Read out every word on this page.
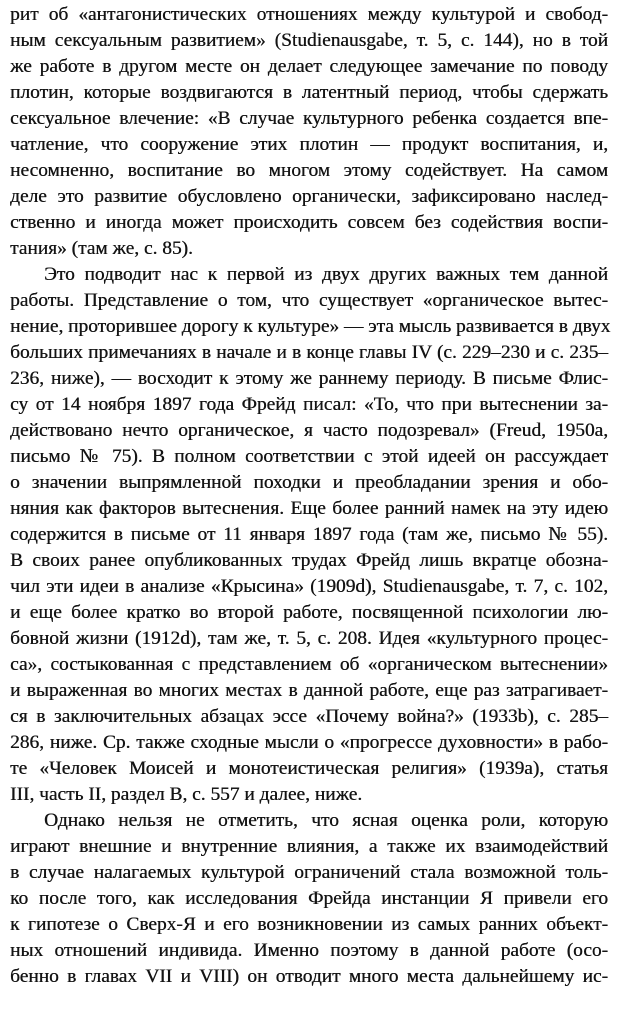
рит об «антагонистических отношениях между культурой и свобод-
ным сексуальным развитием» (Studienausgabe, т. 5, с. 144), но в той
же работе в другом месте он делает следующее замечание по поводу
плотин, которые воздвигаются в латентный период, чтобы сдержать
сексуальное влечение: «В случае культурного ребенка создается впе-
чатление, что сооружение этих плотин — продукт воспитания, и,
несомненно, воспитание во многом этому содействует. На самом
деле это развитие обусловлено органически, зафиксировано наслед-
ственно и иногда может происходить совсем без содействия воспи-
тания» (там же, с. 85).
Это подводит нас к первой из двух других важных тем данной
работы. Представление о том, что существует «органическое вытес-
нение, проторившее дорогу к культуре» — эта мысль развивается в двух
больших примечаниях в начале и в конце главы IV (с. 229–230 и с. 235–
236, ниже), — восходит к этому же раннему периоду. В письме Флис-
су от 14 ноября 1897 года Фрейд писал: «То, что при вытеснении за-
действовано нечто органическое, я часто подозревал» (Freud, 1950a,
письмо № 75). В полном соответствии с этой идеей он рассуждает
о значении выпрямленной походки и преобладании зрения и обо-
няния как факторов вытеснения. Еще более ранний намек на эту идею
содержится в письме от 11 января 1897 года (там же, письмо № 55).
В своих ранее опубликованных трудах Фрейд лишь вкратце обозна-
чил эти идеи в анализе «Крысина» (1909d), Studienausgabe, т. 7, с. 102,
и еще более кратко во второй работе, посвященной психологии лю-
бовной жизни (1912d), там же, т. 5, с. 208. Идея «культурного процес-
са», состыкованная с представлением об «органическом вытеснении»
и выраженная во многих местах в данной работе, еще раз затрагивает-
ся в заключительных абзацах эссе «Почему война?» (1933b), с. 285–
286, ниже. Ср. также сходные мысли о «прогрессе духовности» в рабо-
те «Человек Моисей и монотеистическая религия» (1939a), статья
III, часть II, раздел В, с. 557 и далее, ниже.
Однако нельзя не отметить, что ясная оценка роли, которую
играют внешние и внутренние влияния, а также их взаимодействий
в случае налагаемых культурой ограничений стала возможной толь-
ко после того, как исследования Фрейда инстанции Я привели его
к гипотезе о Сверх-Я и его возникновении из самых ранних объект-
ных отношений индивида. Именно поэтому в данной работе (осо-
бенно в главах VII и VIII) он отводит много места дальнейшему ис-
